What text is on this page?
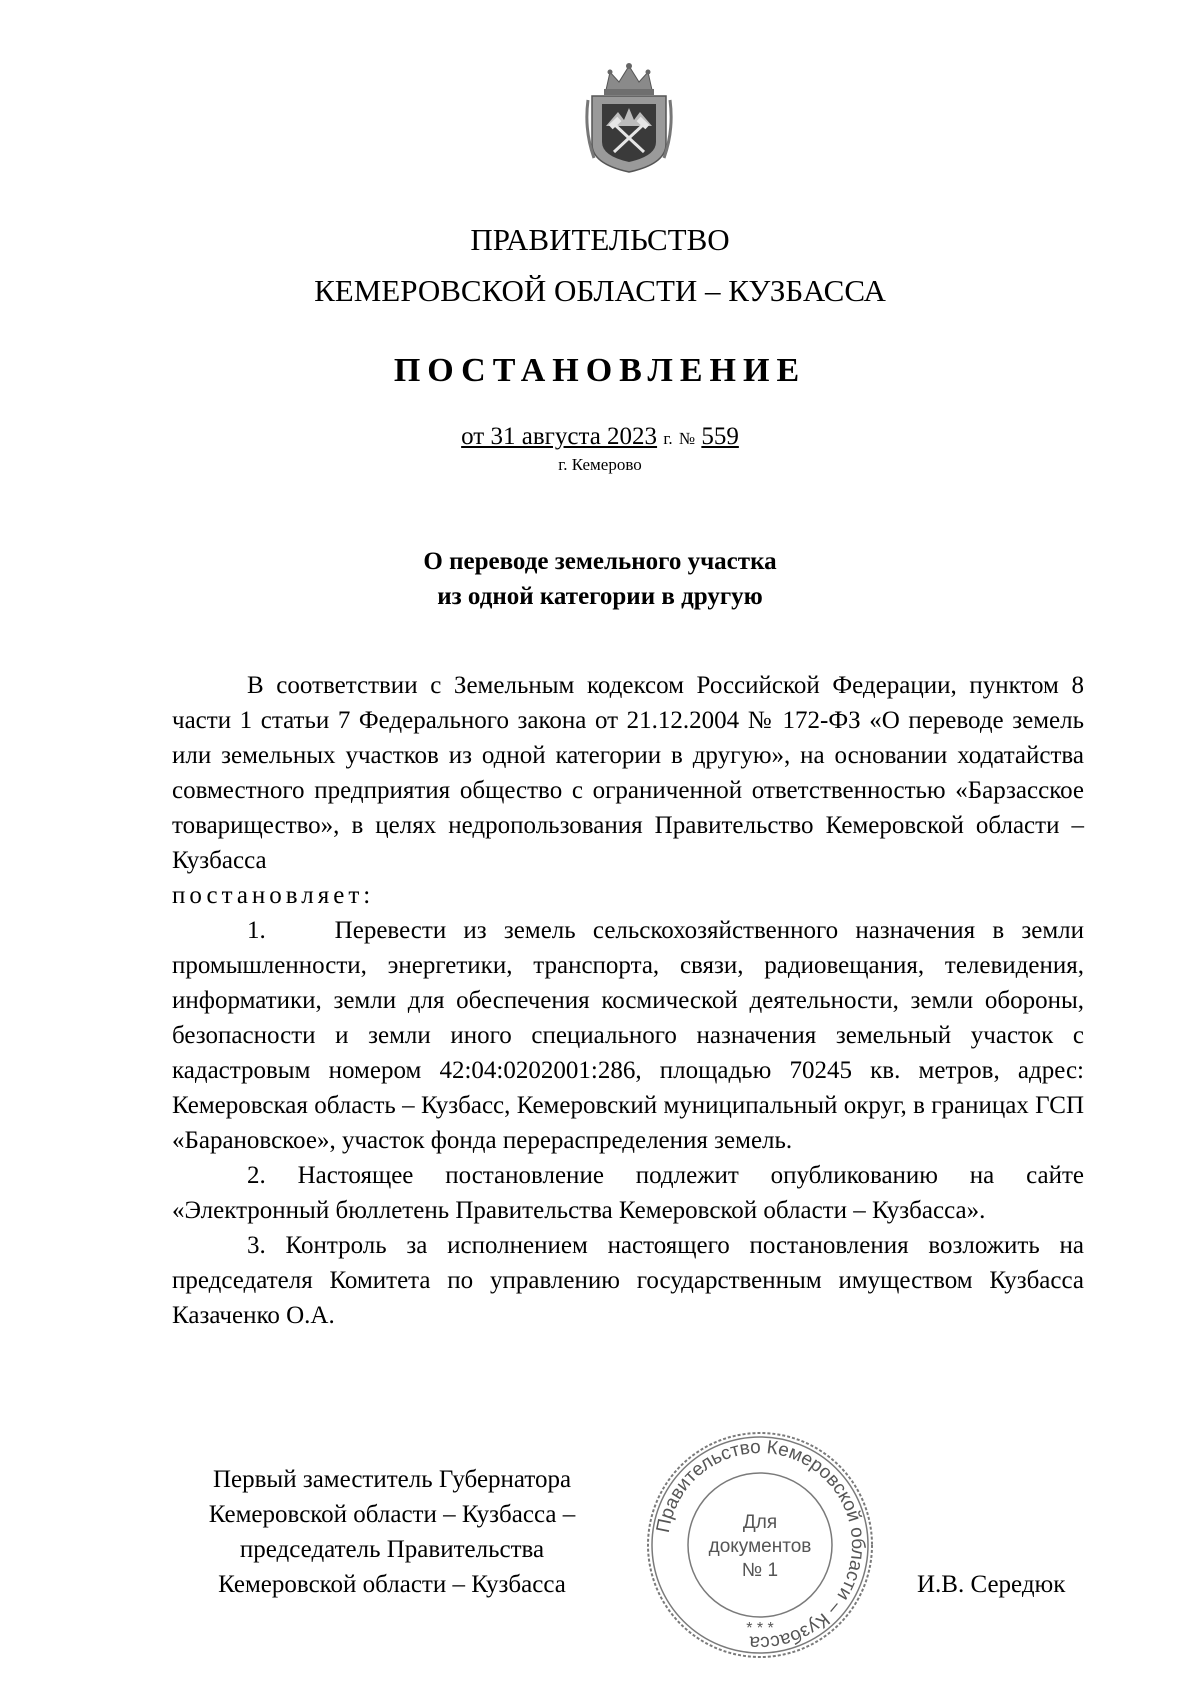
ПРАВИТЕЛЬСТВО
КЕМЕРОВСКОЙ ОБЛАСТИ – КУЗБАССА
ПОСТАНОВЛЕНИЕ
от 31 августа 2023 г. № 559
г. Кемерово
О переводе земельного участка
из одной категории в другую

В соответствии с Земельным кодексом Российской Федерации, пунктом 8 части 1 статьи 7 Федерального закона от 21.12.2004 № 172-ФЗ «О переводе земель или земельных участков из одной категории в другую», на основании ходатайства совместного предприятия общество с ограниченной ответственностью «Барзасское товарищество», в целях недропользования Правительство Кемеровской области – Кузбасса

постановляет:

1.    Перевести из земель сельскохозяйственного назначения в земли промышленности, энергетики, транспорта, связи, радиовещания, телевидения, информатики, земли для обеспечения космической деятельности, земли обороны, безопасности и земли иного специального назначения земельный участок с кадастровым номером 42:04:0202001:286, площадью 70245 кв. метров, адрес: Кемеровская область – Кузбасс, Кемеровский муниципальный округ, в границах ГСП «Барановское», участок фонда перераспределения земель.

2. Настоящее постановление подлежит опубликованию на сайте «Электронный бюллетень Правительства Кемеровской области – Кузбасса».

3. Контроль за исполнением настоящего постановления возложить на председателя Комитета по управлению государственным имуществом Кузбасса Казаченко О.А.

Первый заместитель Губернатора
Кемеровской области – Кузбасса –
председатель Правительства
Кемеровской области – Кузбасса
Правительство Кемеровской области – Кузбасса
Для
документов
№ 1
* * *
И.В. Середюк
